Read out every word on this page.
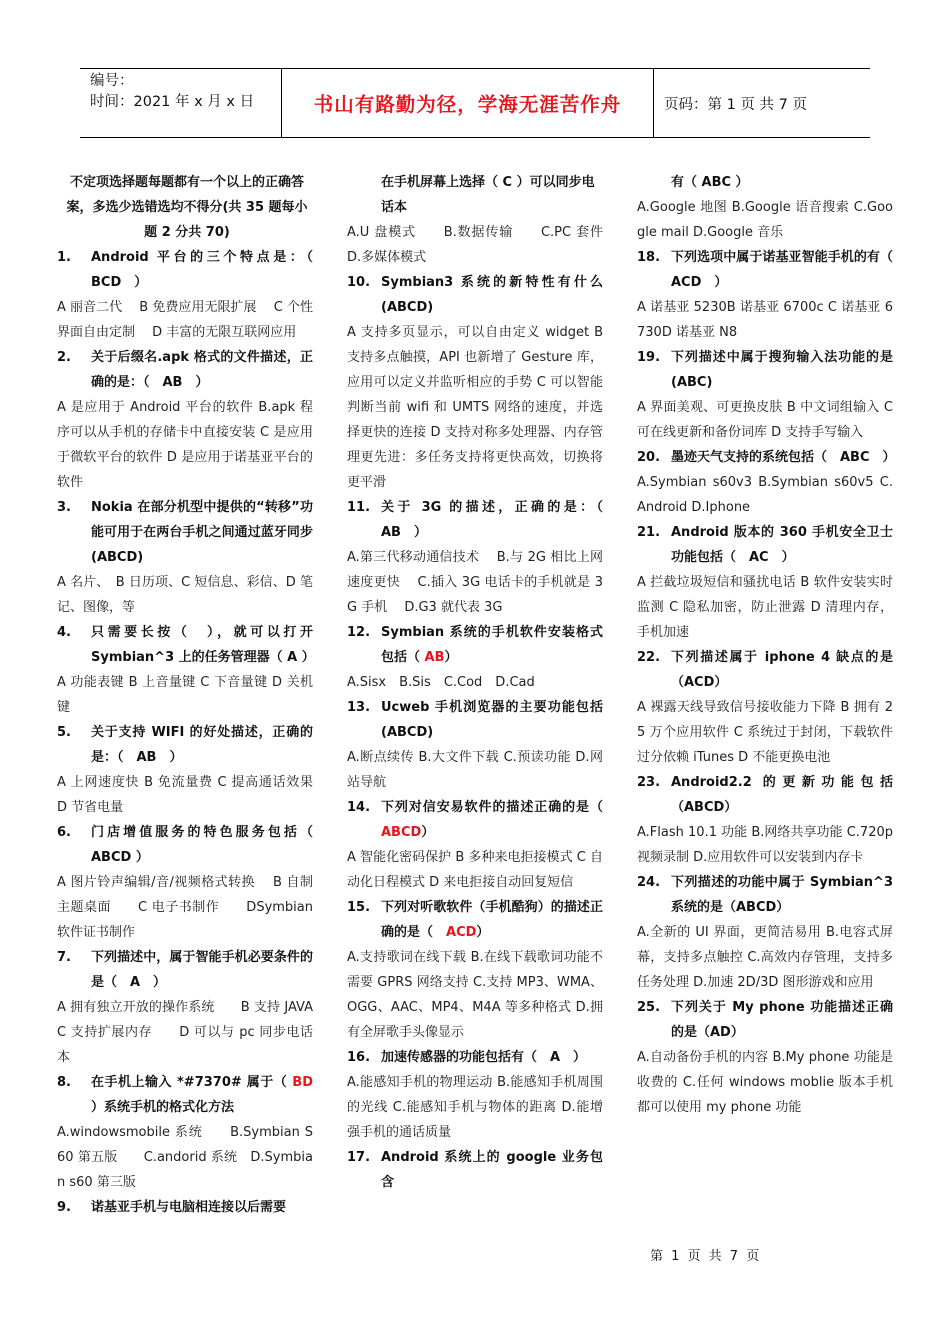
编号：
时间：2021 年 x 月 x 日	书山有路勤为径，学海无涯苦作舟	页码：第 1 页 共 7 页
不定项选择题每题都有一个以上的正确答案，多选少选错选均不得分(共 35 题每小题 2 分共 70)
1.	Android 平台的三个特点是：（　BCD　）
A 丽音二代　 B 免费应用无限扩展　 C 个性界面自由定制　 D 丰富的无限互联网应用
2.	关于后缀名.apk 格式的文件描述，正确的是：（　AB　）
A 是应用于 Android 平台的软件 B.apk 程序可以从手机的存储卡中直接安装 C 是应用于微软平台的软件 D 是应用于诺基亚平台的软件
3.	Nokia 在部分机型中提供的“转移”功能可用于在两台手机之间通过蓝牙同步(ABCD)
A 名片、　B 日历项、C 短信息、彩信、D 笔记、图像，等
4.	只需要长按（　），就可以打开 Symbian^3 上的任务管理器（ A ）
A 功能表键 B 上音量键 C 下音量键 D 关机键
5.	关于支持 WIFI 的好处描述，正确的是：（　AB　）
A 上网速度快 B 免流量费 C 提高通话效果 D 节省电量
6.	门店增值服务的特色服务包括（ ABCD ）
A 图片铃声编辑/音/视频格式转换　 B 自制主题桌面　　C 电子书制作　　DSymbian 软件证书制作
7.	下列描述中，属于智能手机必要条件的是（　A　）
A 拥有独立开放的操作系统　　B 支持 JAVA　C 支持扩展内存　　D 可以与 pc 同步电话本
8.	在手机上输入 *#7370# 属于（ BD ）系统手机的格式化方法
A.windowsmobile 系统　　B.Symbian S60 第五版　　C.andorid 系统　D.Symbian s60 第三版
9.	诺基亚手机与电脑相连接以后需要
在手机屏幕上选择（ C ）可以同步电话本
A.U 盘模式　　B.数据传输　　C.PC 套件　　D.多媒体模式
10. Symbian3 系统的新特性有什么(ABCD)
A 支持多页显示，可以自由定义 widget B 支持多点触摸，API 也新增了 Gesture 库，应用可以定义并监听相应的手势 C 可以智能判断当前 wifi 和 UMTS 网络的速度，并选择更快的连接 D 支持对称多处理器、内存管理更先进：多任务支持将更快高效，切换将更平滑
11. 关于 3G 的描述，正确的是：（　AB　）
A.第三代移动通信技术　 B.与 2G 相比上网速度更快　 C.插入 3G 电话卡的手机就是 3G 手机　 D.G3 就代表 3G
12. Symbian 系统的手机软件安装格式包括（ AB）
A.Sisx　B.Sis　C.Cod　D.Cad
13. Ucweb 手机浏览器的主要功能包括(ABCD)
A.断点续传 B.大文件下载 C.预读功能 D.网站导航
14. 下列对信安易软件的描述正确的是（ ABCD）
A 智能化密码保护 B 多种来电拒接模式 C 自动化日程模式 D 来电拒接自动回复短信
15. 下列对听歌软件（手机酷狗）的描述正确的是（　ACD）
A.支持歌词在线下载 B.在线下载歌词功能不需要 GPRS 网络支持 C.支持 MP3、WMA、OGG、AAC、MP4、M4A 等多种格式 D.拥有全屏歌手头像显示
16. 加速传感器的功能包括有（　A　）
A.能感知手机的物理运动 B.能感知手机周围的光线 C.能感知手机与物体的距离 D.能增强手机的通话质量
17. Android 系统上的 google 业务包含
有（ ABC ）
A.Google 地图 B.Google 语音搜索 C.Google mail D.Google 音乐
18. 下列选项中属于诺基亚智能手机的有（　ACD　）
A 诺基亚 5230B 诺基亚 6700c C 诺基亚 6730D 诺基亚 N8
19. 下列描述中属于搜狗输入法功能的是(ABC)
A 界面美观、可更换皮肤 B 中文词组输入 C 可在线更新和备份词库 D 支持手写输入
20. 墨迹天气支持的系统包括（　ABC　）
A.Symbian s60v3 B.Symbian s60v5 C.Android D.Iphone
21. Android 版本的 360 手机安全卫士功能包括（　AC　）
A 拦截垃圾短信和骚扰电话 B 软件安装实时监测 C 隐私加密，防止泄露 D 清理内存，手机加速
22. 下列描述属于 iphone 4 缺点的是（ACD）
A 裸露天线导致信号接收能力下降 B 拥有 25 万个应用软件 C 系统过于封闭，下载软件过分依赖 iTunes D 不能更换电池
23. Android2.2 的更新功能包括（ABCD）
A.Flash 10.1 功能 B.网络共享功能 C.720p 视频录制 D.应用软件可以安装到内存卡
24. 下列描述的功能中属于 Symbian^3 系统的是（ABCD）
A.全新的 UI 界面，更简洁易用 B.电容式屏幕，支持多点触控 C.高效内存管理，支持多任务处理 D.加速 2D/3D 图形游戏和应用
25. 下列关于 My phone 功能描述正确的是（AD）
A.自动备份手机的内容 B.My phone 功能是收费的 C.任何 windows moblie 版本手机都可以使用 my phone 功能
第 1 页 共 7 页
